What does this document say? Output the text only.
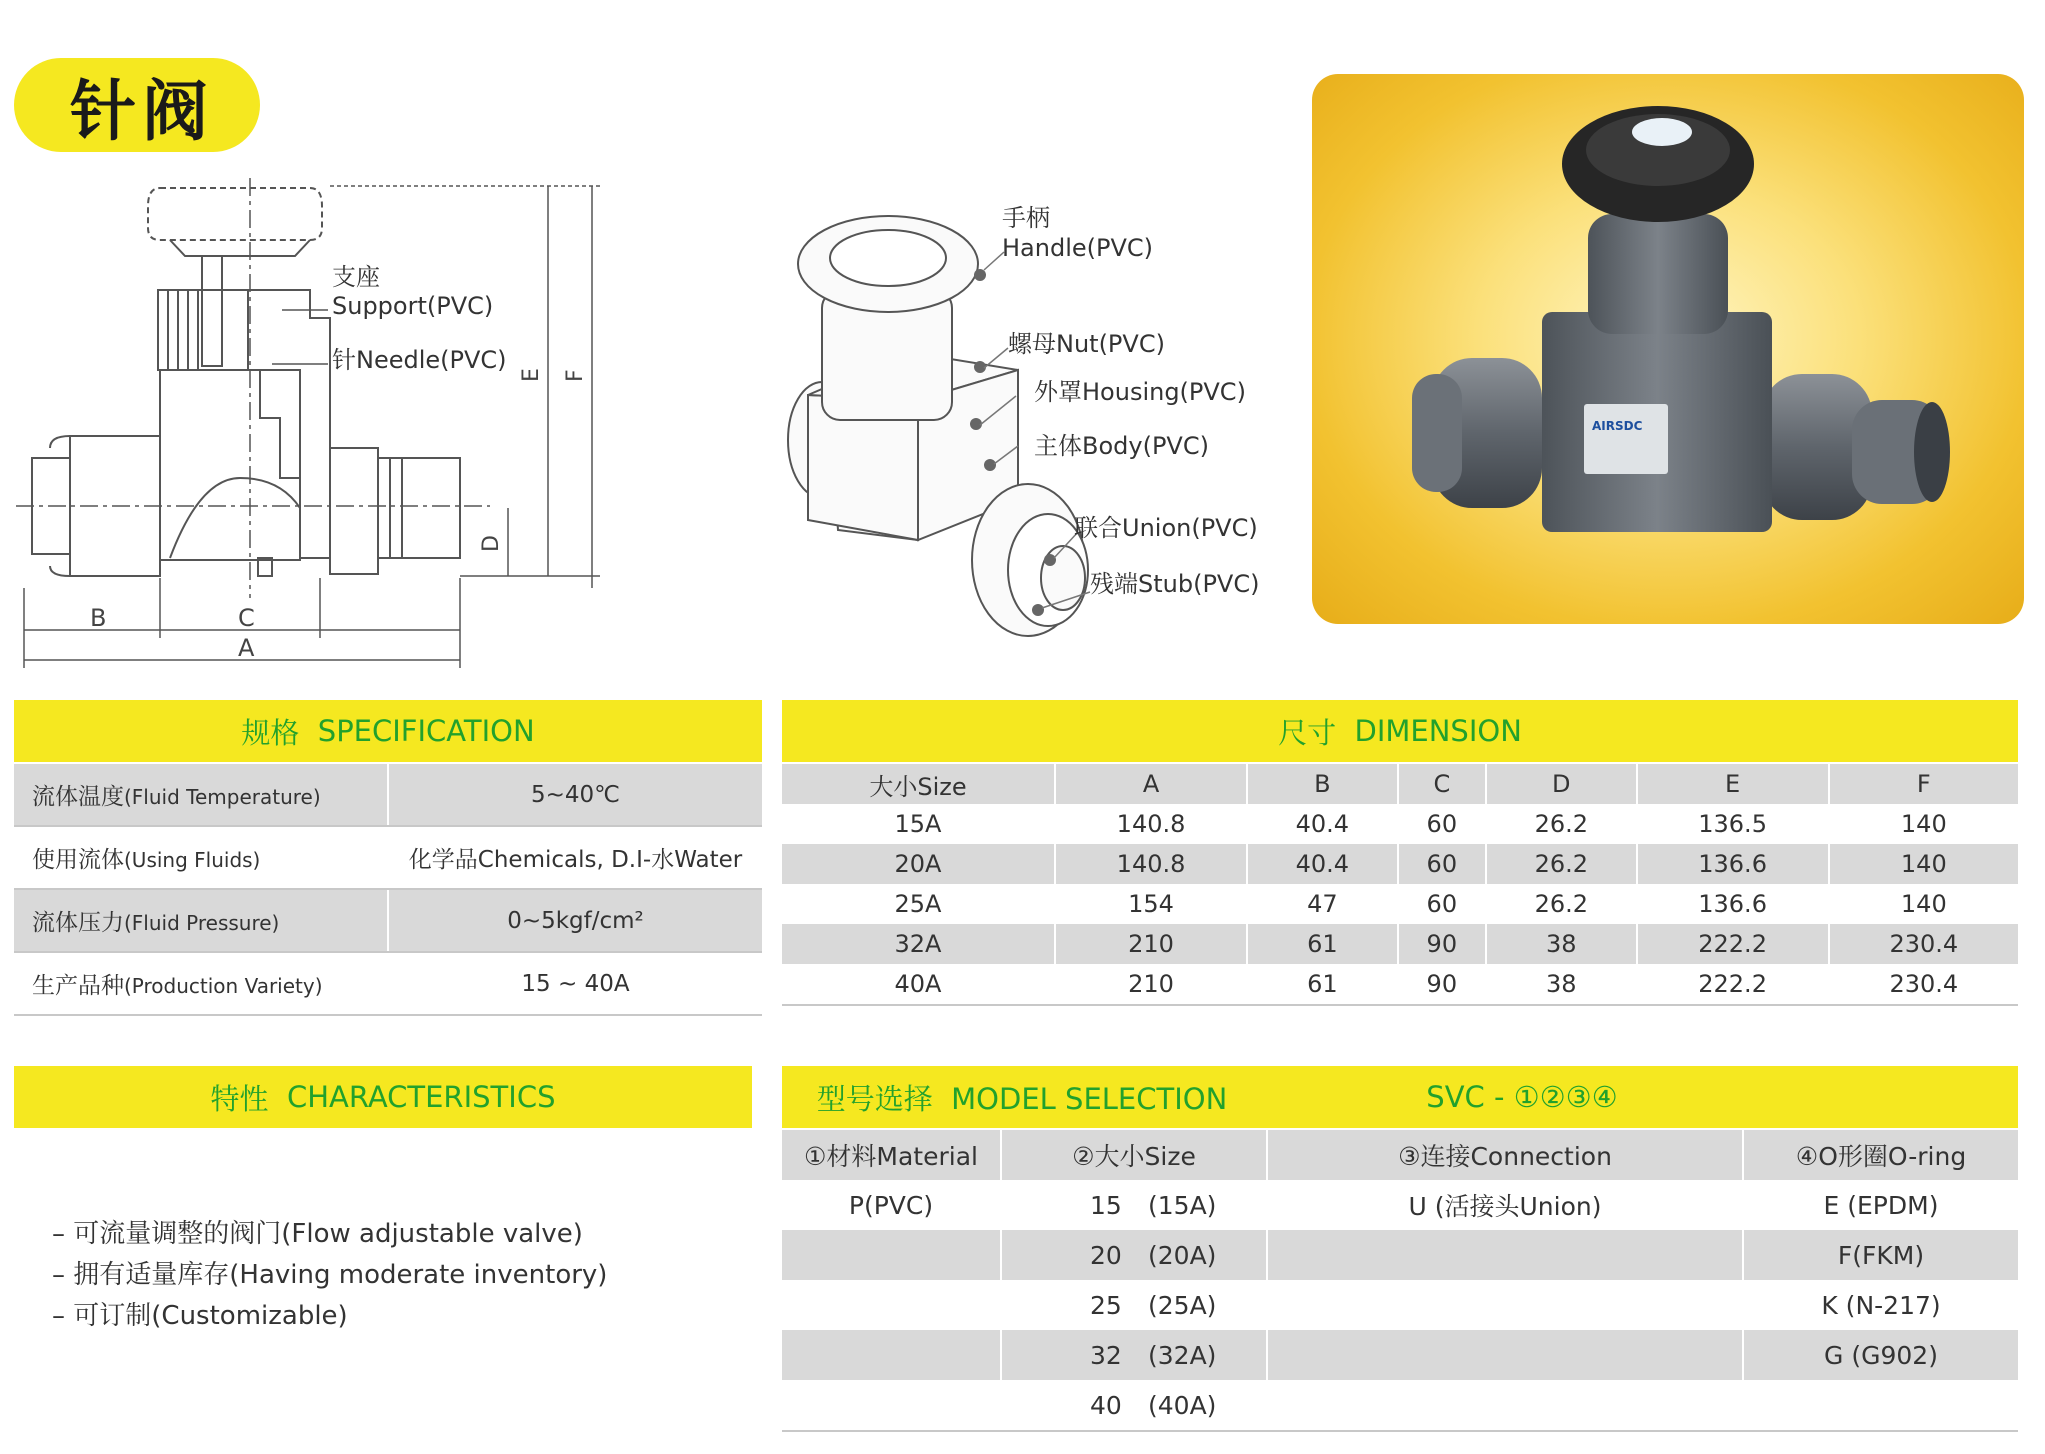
针阀
B	C
A
D
E F
支座
Support(PVC)
针Needle(PVC)
手柄
Handle(PVC)
螺母Nut(PVC)
外罩Housing(PVC)
主体Body(PVC)
联合Union(PVC)
残端Stub(PVC)
AIRSDC
规格
SPECIFICATION
流体温度(Fluid Temperature)	5~40℃
使用流体(Using Fluids)	化学品Chemicals, D.I-水Water
流体压力(Fluid Pressure)	0~5kgf/cm²
生产品种(Production Variety)	15 ~ 40A
尺寸
DIMENSION
大小Size	A	B	C	D	E	F
15A	140.8	40.4	60	26.2	136.5	140
20A	140.8	40.4	60	26.2	136.6	140
25A	154	47	60	26.2	136.6	140
32A	210	61	90	38	222.2	230.4
40A	210	61	90	38	222.2	230.4
特性
CHARACTERISTICS
– 可流量调整的阀门(Flow adjustable valve)
– 拥有适量库存(Having moderate inventory)
– 可订制(Customizable)
型号选择 MODEL SELECTION	SVC - ①②③④
①材料Material	②大小Size	③连接Connection	④O形圈O-ring
P(PVC)	15 (15A)	U (活接头Union)	E (EPDM)
	20 (20A)		F(FKM)
	25 (25A)		K (N-217)
	32 (32A)		G (G902)
	40 (40A)		
